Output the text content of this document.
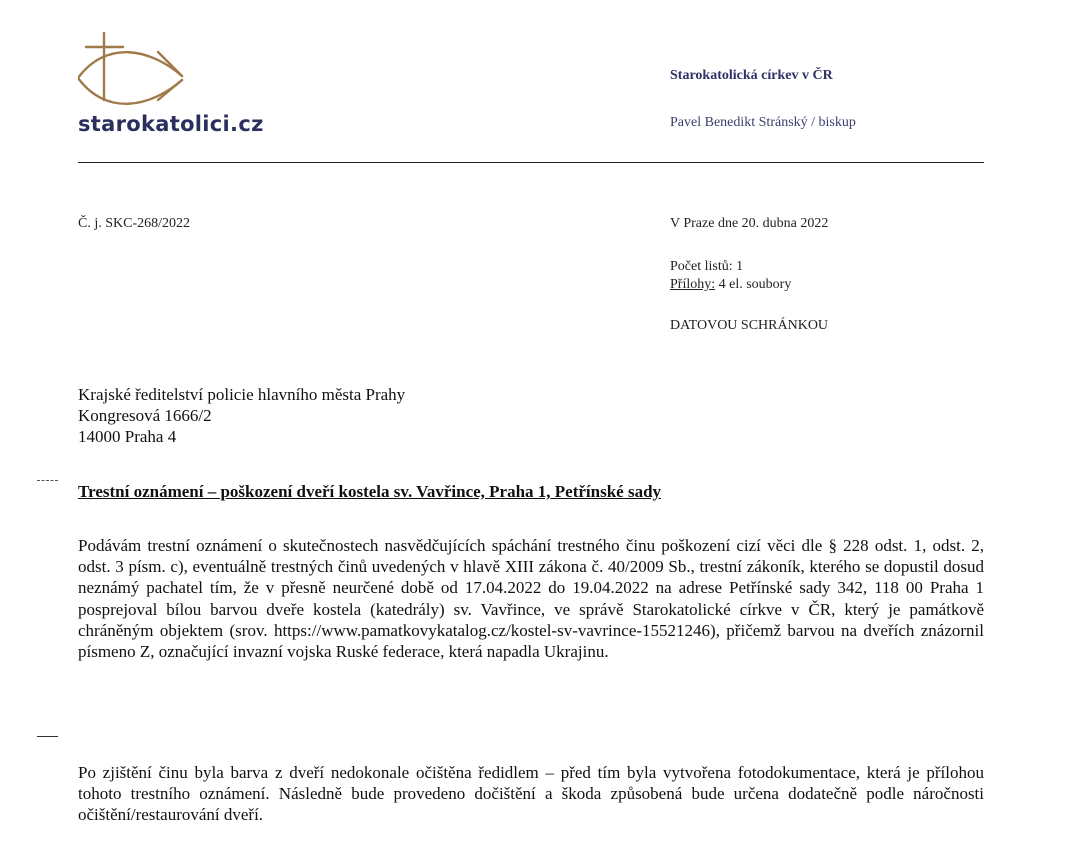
starokatolici.cz
Starokatolická církev v ČR
Pavel Benedikt Stránský / biskup
Č. j. SKC-268/2022	V Praze dne 20. dubna 2022
Počet listů: 1
Přílohy: 4 el. soubory
DATOVOU SCHRÁNKOU
Krajské ředitelství policie hlavního města Prahy
Kongresová 1666/2
14000 Praha 4
Trestní oznámení – poškození dveří kostela sv. Vavřince, Praha 1, Petřínské sady
Podávám trestní oznámení o skutečnostech nasvědčujících spáchání trestného činu poškození cizí věci dle § 228 odst. 1, odst. 2, odst. 3 písm. c), eventuálně trestných činů uvedených v hlavě XIII zákona č. 40/2009 Sb., trestní zákoník, kterého se dopustil dosud neznámý pachatel tím, že v přesně neurčené době od 17.04.2022 do 19.04.2022 na adrese Petřínské sady 342, 118 00 Praha 1 posprejoval bílou barvou dveře kostela (katedrály) sv. Vavřince, ve správě Starokatolické církve v ČR, který je památkově chráněným objektem (srov. https://www.pamatkovykatalog.cz/kostel-sv-vavrince-15521246), přičemž barvou na dveřích znázornil písmeno Z, označující invazní vojska Ruské federace, která napadla Ukrajinu.
Po zjištění činu byla barva z dveří nedokonale očištěna ředidlem – před tím byla vytvořena fotodokumentace, která je přílohou tohoto trestního oznámení. Následně bude provedeno dočištění a škoda způsobená bude určena dodatečně podle náročnosti očištění/restaurování dveří.
